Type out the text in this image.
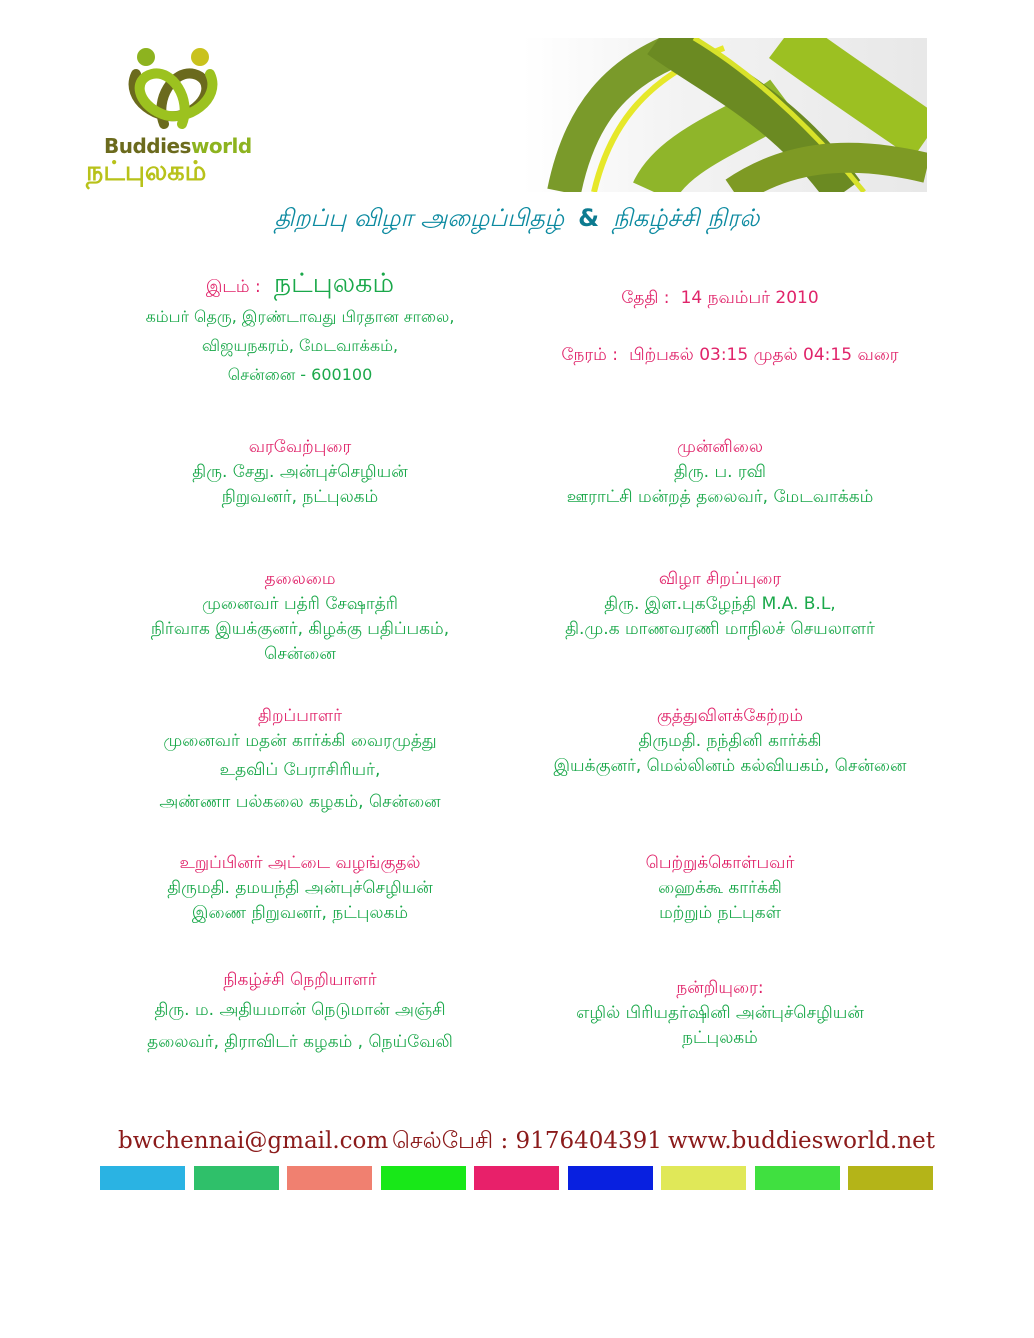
Buddiesworld
நட்புலகம்
திறப்பு விழா அழைப்பிதழ் & நிகழ்ச்சி நிரல்
இடம் : நட்புலகம்
கம்பர் தெரு, இரண்டாவது பிரதான சாலை,
விஜயநகரம், மேடவாக்கம்,
சென்னை - 600100
தேதி : 14 நவம்பர் 2010
நேரம் : பிற்பகல் 03:15 முதல் 04:15 வரை
வரவேற்புரை
திரு. சேது. அன்புச்செழியன்
நிறுவனர், நட்புலகம்
முன்னிலை
திரு. ப. ரவி
ஊராட்சி மன்றத் தலைவர், மேடவாக்கம்
தலைமை
முனைவர் பத்ரி சேஷாத்ரி
நிர்வாக இயக்குனர், கிழக்கு பதிப்பகம்,
சென்னை
விழா சிறப்புரை
திரு. இள.புகழேந்தி M.A. B.L,
தி.மு.க மாணவரணி மாநிலச் செயலாளர்
திறப்பாளர்
முனைவர் மதன் கார்க்கி வைரமுத்து
உதவிப் பேராசிரியர்,
அண்ணா பல்கலை கழகம், சென்னை
குத்துவிளக்கேற்றம்
திருமதி. நந்தினி கார்க்கி
இயக்குனர், மெல்லினம் கல்வியகம், சென்னை
உறுப்பினர் அட்டை வழங்குதல்
திருமதி. தமயந்தி அன்புச்செழியன்
இணை நிறுவனர், நட்புலகம்
பெற்றுக்கொள்பவர்
ஹைக்கூ கார்க்கி
மற்றும் நட்புகள்
நிகழ்ச்சி நெறியாளர்
திரு. ம. அதியமான் நெடுமான் அஞ்சி
தலைவர், திராவிடர் கழகம் , நெய்வேலி
நன்றியுரை:
எழில் பிரியதர்ஷினி அன்புச்செழியன்
நட்புலகம்
bwchennai@gmail.com செல்பேசி : 9176404391 www.buddiesworld.net
